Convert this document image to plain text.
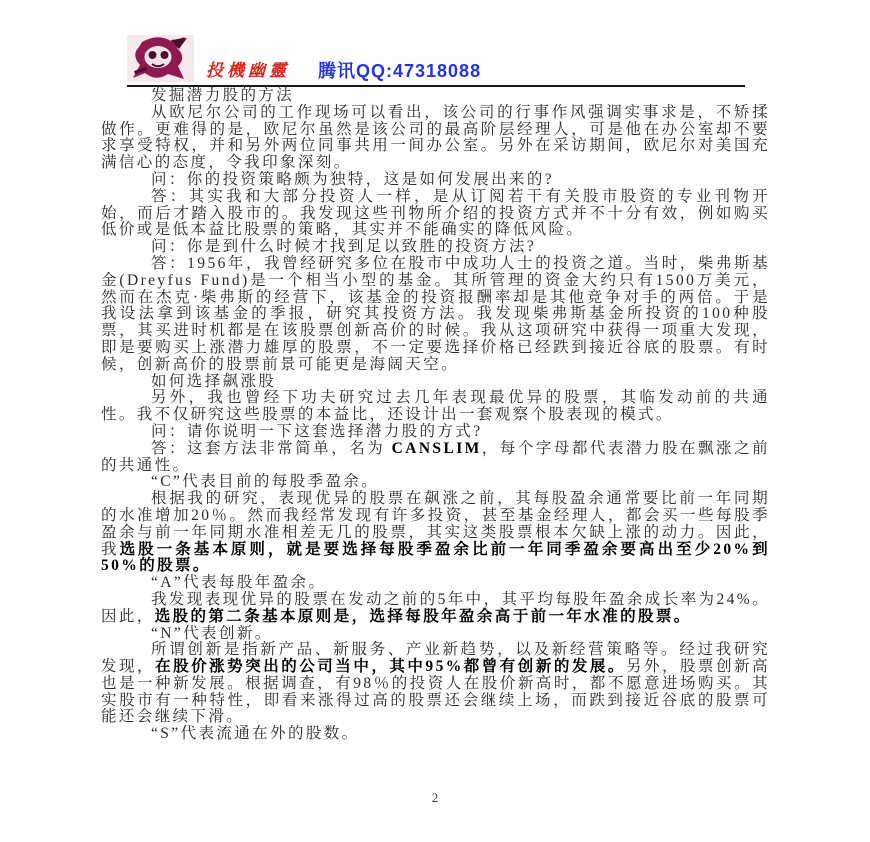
投機幽靈 腾讯QQ:47318088

发掘潜力股的方法

从欧尼尔公司的工作现场可以看出，该公司的行事作风强调实事求是，不矫揉做作。更难得的是，欧尼尔虽然是该公司的最高阶层经理人，可是他在办公室却不要求享受特权，并和另外两位同事共用一间办公室。另外在采访期间，欧尼尔对美国充满信心的态度，令我印象深刻。

问：你的投资策略颇为独特，这是如何发展出来的?

答：其实我和大部分投资人一样，是从订阅若干有关股市股资的专业刊物开始，而后才踏入股市的。我发现这些刊物所介绍的投资方式并不十分有效，例如购买低价或是低本益比股票的策略，其实并不能确实的降低风险。

问：你是到什么时候才找到足以致胜的投资方法?

答：1956年，我曾经研究多位在股市中成功人士的投资之道。当时，柴弗斯基金(Dreyfus Fund)是一个相当小型的基金。其所管理的资金大约只有1500万美元，然而在杰克·柴弗斯的经营下，该基金的投资报酬率却是其他竞争对手的两倍。于是我设法拿到该基金的季报，研究其投资方法。我发现柴弗斯基金所投资的100种股票，其买进时机都是在该股票创新高价的时候。我从这项研究中获得一项重大发现，即是要购买上涨潜力雄厚的股票，不一定要选择价格已经跌到接近谷底的股票。有时候，创新高价的股票前景可能更是海阔天空。

如何选择飙涨股

另外，我也曾经下功夫研究过去几年表现最优异的股票，其临发动前的共通性。我不仅研究这些股票的本益比，还设计出一套观察个股表现的模式。

问：请你说明一下这套选择潜力股的方式?

答：这套方法非常简单，名为 CANSLIM，每个字母都代表潜力股在飘涨之前的共通性。

“C”代表目前的每股季盈余。

根据我的研究，表现优异的股票在飙涨之前，其每股盈余通常要比前一年同期的水准增加20％。然而我经常发现有许多投资，甚至基金经理人，都会买一些每股季盈余与前一年同期水准相差无几的股票，其实这类股票根本欠缺上涨的动力。因此，我选股一条基本原则，就是要选择每股季盈余比前一年同季盈余要高出至少20%到50%的股票。

“A”代表每股年盈余。

我发现表现优异的股票在发动之前的5年中，其平均每股年盈余成长率为24%。因此，选股的第二条基本原则是，选择每股年盈余高于前一年水准的股票。

“N”代表创新。

所谓创新是指新产品、新服务、产业新趋势，以及新经营策略等。经过我研究发现，在股价涨势突出的公司当中，其中95%都曾有创新的发展。另外，股票创新高也是一种新发展。根据调查，有98％的投资人在股价新高时，都不愿意进场购买。其实股市有一种特性，即看来涨得过高的股票还会继续上场，而跌到接近谷底的股票可能还会继续下滑。

“S”代表流通在外的股数。

2
